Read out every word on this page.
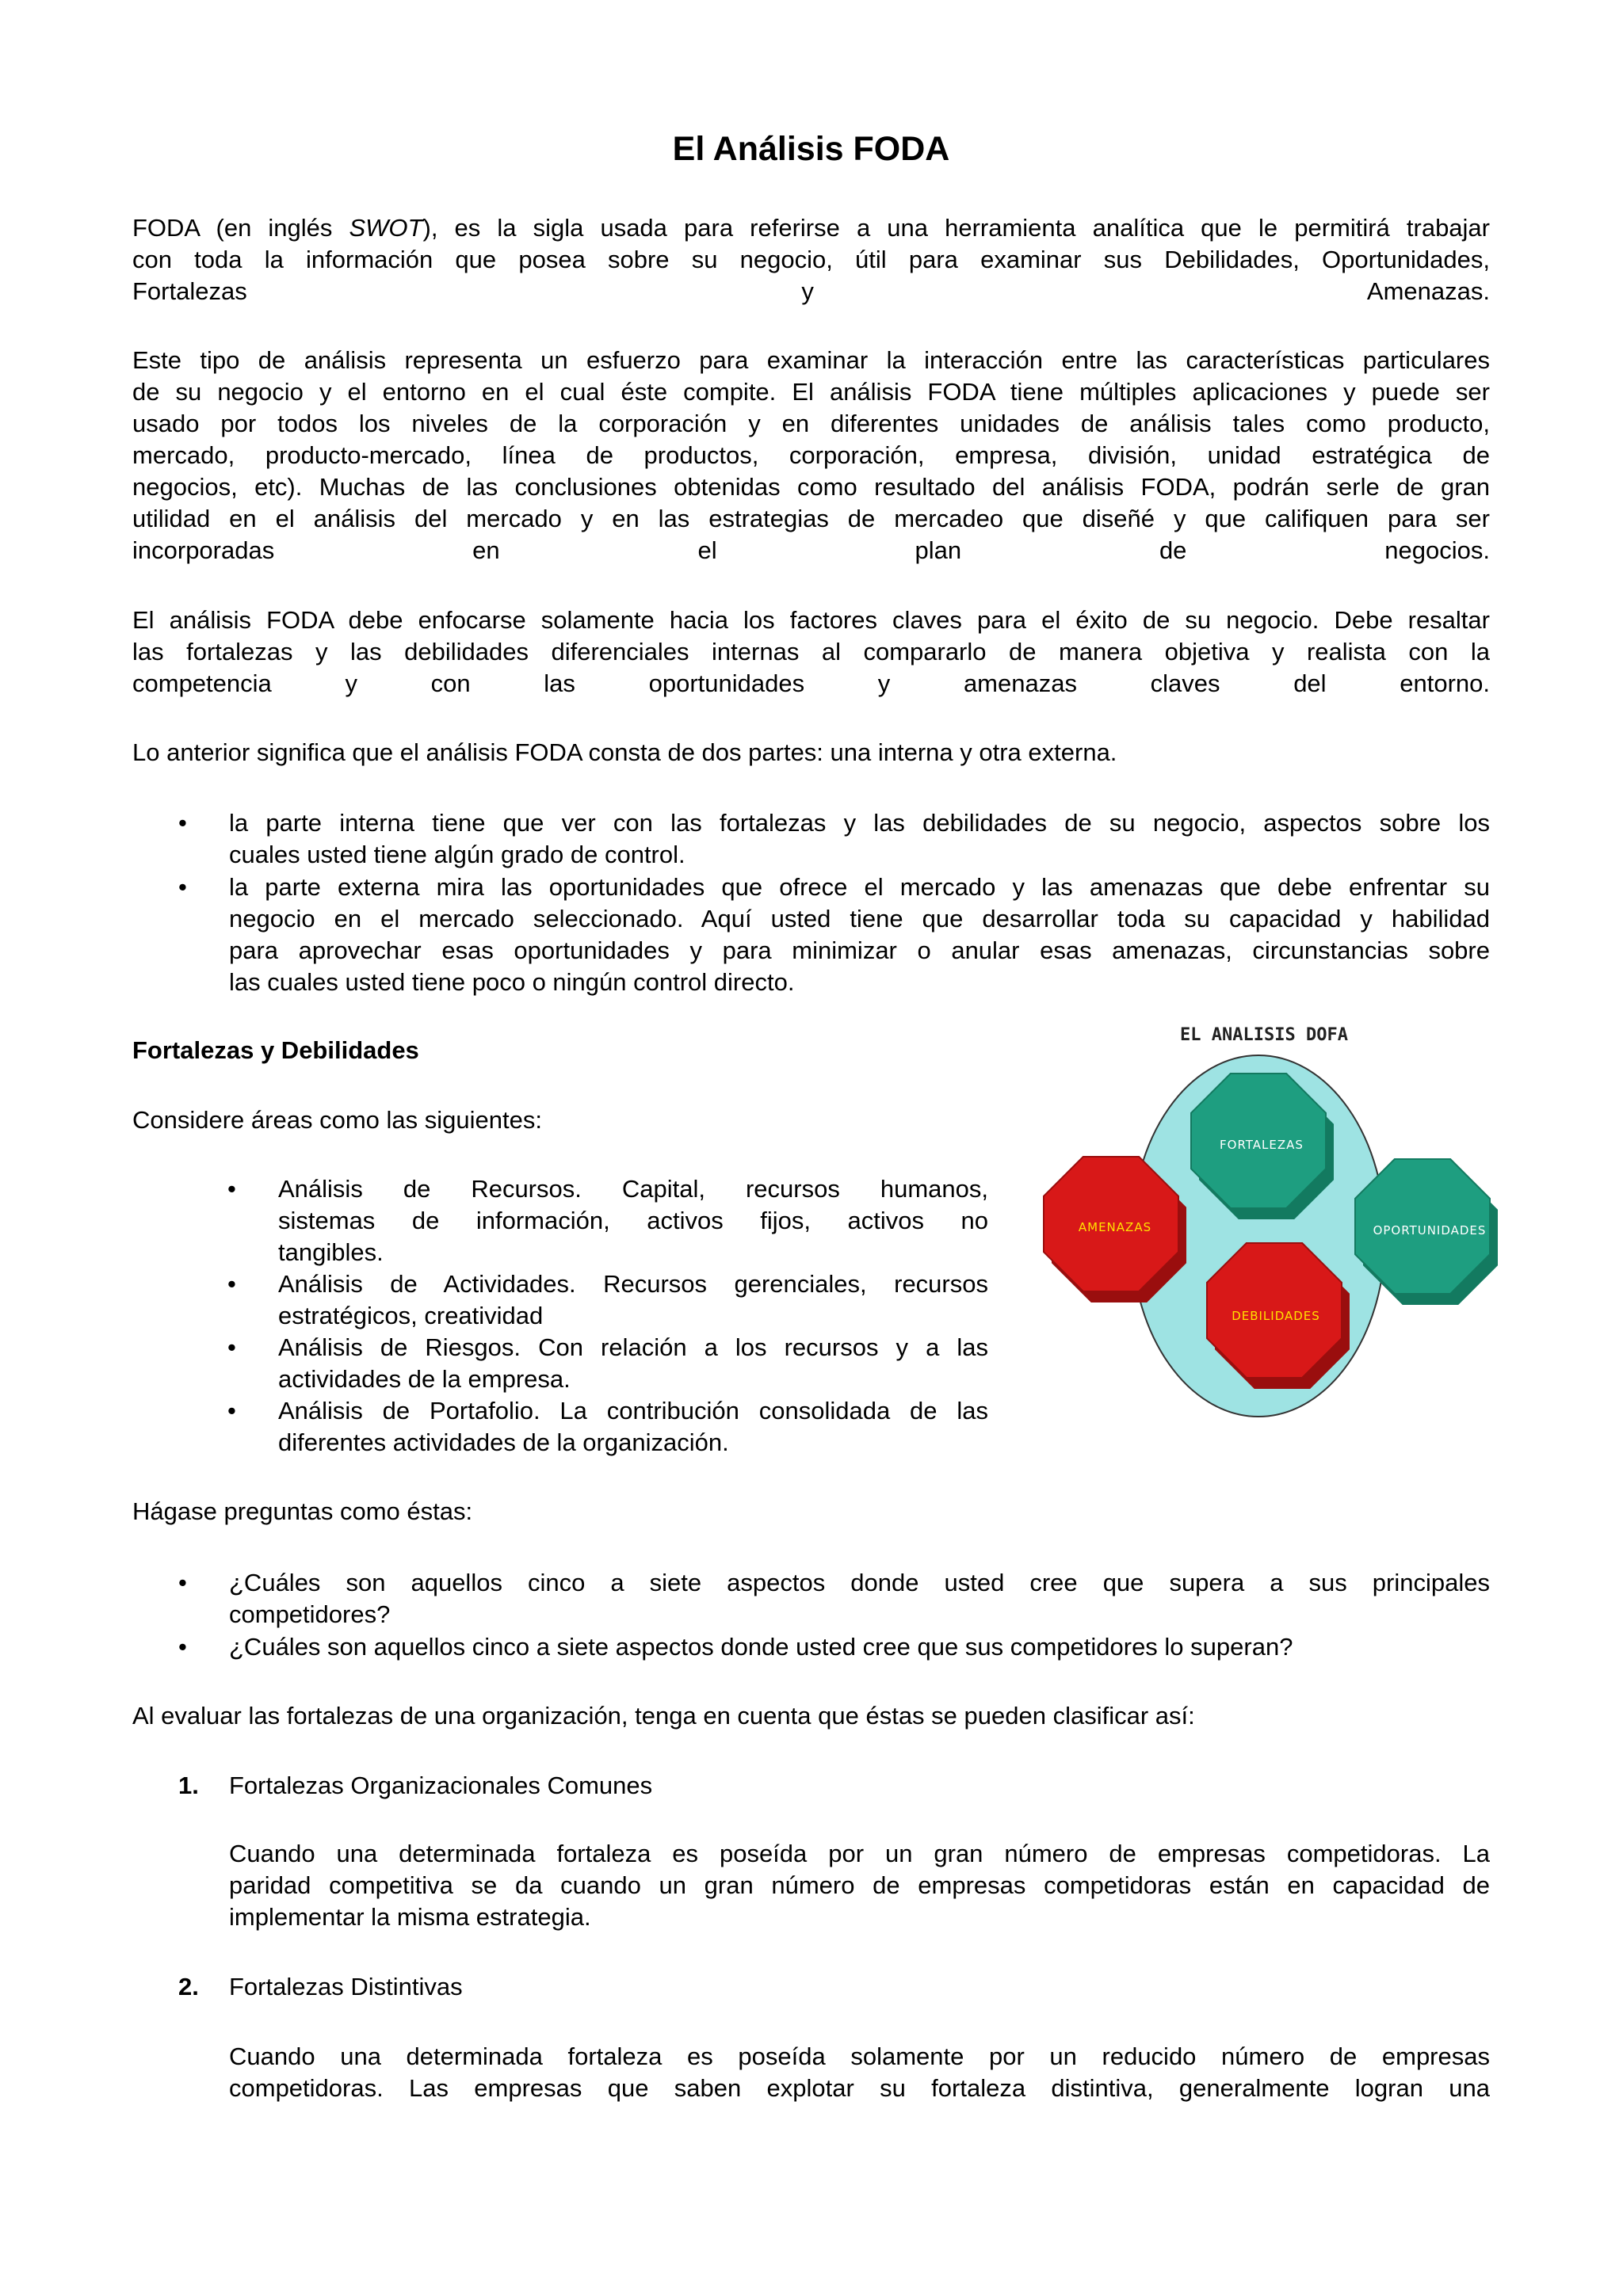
El Análisis FODA
FODA (en inglés SWOT), es la sigla usada para referirse a una herramienta analítica que le permitirá trabajar
con toda la información que posea sobre su negocio, útil para examinar sus Debilidades, Oportunidades,
Fortalezas y Amenazas.
Este tipo de análisis representa un esfuerzo para examinar la interacción entre las características particulares
de su negocio y el entorno en el cual éste compite. El análisis FODA tiene múltiples aplicaciones y puede ser
usado por todos los niveles de la corporación y en diferentes unidades de análisis tales como producto,
mercado, producto-mercado, línea de productos, corporación, empresa, división, unidad estratégica de
negocios, etc). Muchas de las conclusiones obtenidas como resultado del análisis FODA, podrán serle de gran
utilidad en el análisis del mercado y en las estrategias de mercadeo que diseñé y que califiquen para ser
incorporadas en el plan de negocios.
El análisis FODA debe enfocarse solamente hacia los factores claves para el éxito de su negocio. Debe resaltar
las fortalezas y las debilidades diferenciales internas al compararlo de manera objetiva y realista con la
competencia y con las oportunidades y amenazas claves del entorno.
Lo anterior significa que el análisis FODA consta de dos partes: una interna y otra externa.
• la parte interna tiene que ver con las fortalezas y las debilidades de su negocio, aspectos sobre los
cuales usted tiene algún grado de control.
• la parte externa mira las oportunidades que ofrece el mercado y las amenazas que debe enfrentar su
negocio en el mercado seleccionado. Aquí usted tiene que desarrollar toda su capacidad y habilidad
para aprovechar esas oportunidades y para minimizar o anular esas amenazas, circunstancias sobre
las cuales usted tiene poco o ningún control directo.
Fortalezas y Debilidades
Considere áreas como las siguientes:
• Análisis de Recursos. Capital, recursos humanos,
sistemas de información, activos fijos, activos no
tangibles.
• Análisis de Actividades. Recursos gerenciales, recursos
estratégicos, creatividad
• Análisis de Riesgos. Con relación a los recursos y a las
actividades de la empresa.
• Análisis de Portafolio. La contribución consolidada de las
diferentes actividades de la organización.
Hágase preguntas como éstas:
• ¿Cuáles son aquellos cinco a siete aspectos donde usted cree que supera a sus principales
competidores?
• ¿Cuáles son aquellos cinco a siete aspectos donde usted cree que sus competidores lo superan?
Al evaluar las fortalezas de una organización, tenga en cuenta que éstas se pueden clasificar así:
1. Fortalezas Organizacionales Comunes
Cuando una determinada fortaleza es poseída por un gran número de empresas competidoras. La
paridad competitiva se da cuando un gran número de empresas competidoras están en capacidad de
implementar la misma estrategia.
2. Fortalezas Distintivas
Cuando una determinada fortaleza es poseída solamente por un reducido número de empresas
competidoras. Las empresas que saben explotar su fortaleza distintiva, generalmente logran una
EL ANALISIS DOFA
FORTALEZAS
AMENAZAS	OPORTUNIDADES
DEBILIDADES
